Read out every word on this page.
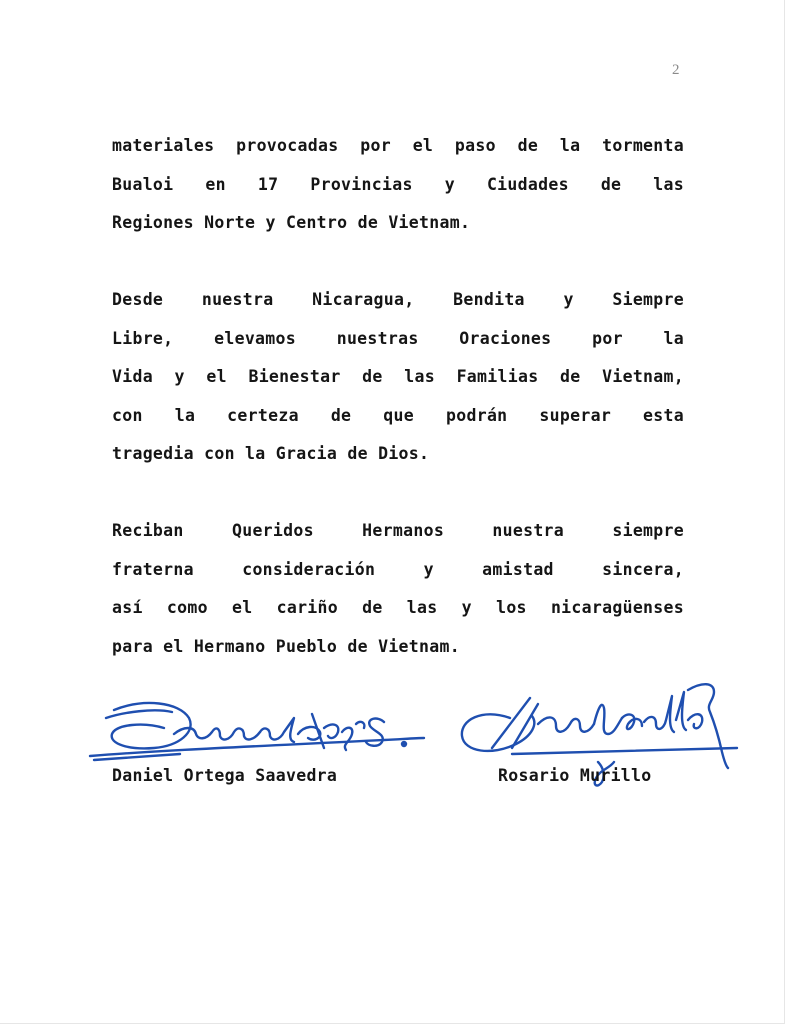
2
materiales provocadas por el paso de la tormenta
Bualoi en 17 Provincias y Ciudades de las
Regiones Norte y Centro de Vietnam.
Desde nuestra Nicaragua, Bendita y Siempre
Libre, elevamos nuestras Oraciones por la
Vida y el Bienestar de las Familias de Vietnam,
con la certeza de que podrán superar esta
tragedia con la Gracia de Dios.
Reciban Queridos Hermanos nuestra siempre
fraterna consideración y amistad sincera,
así como el cariño de las y los nicaragüenses
para el Hermano Pueblo de Vietnam.
Daniel Ortega Saavedra	Rosario Murillo
